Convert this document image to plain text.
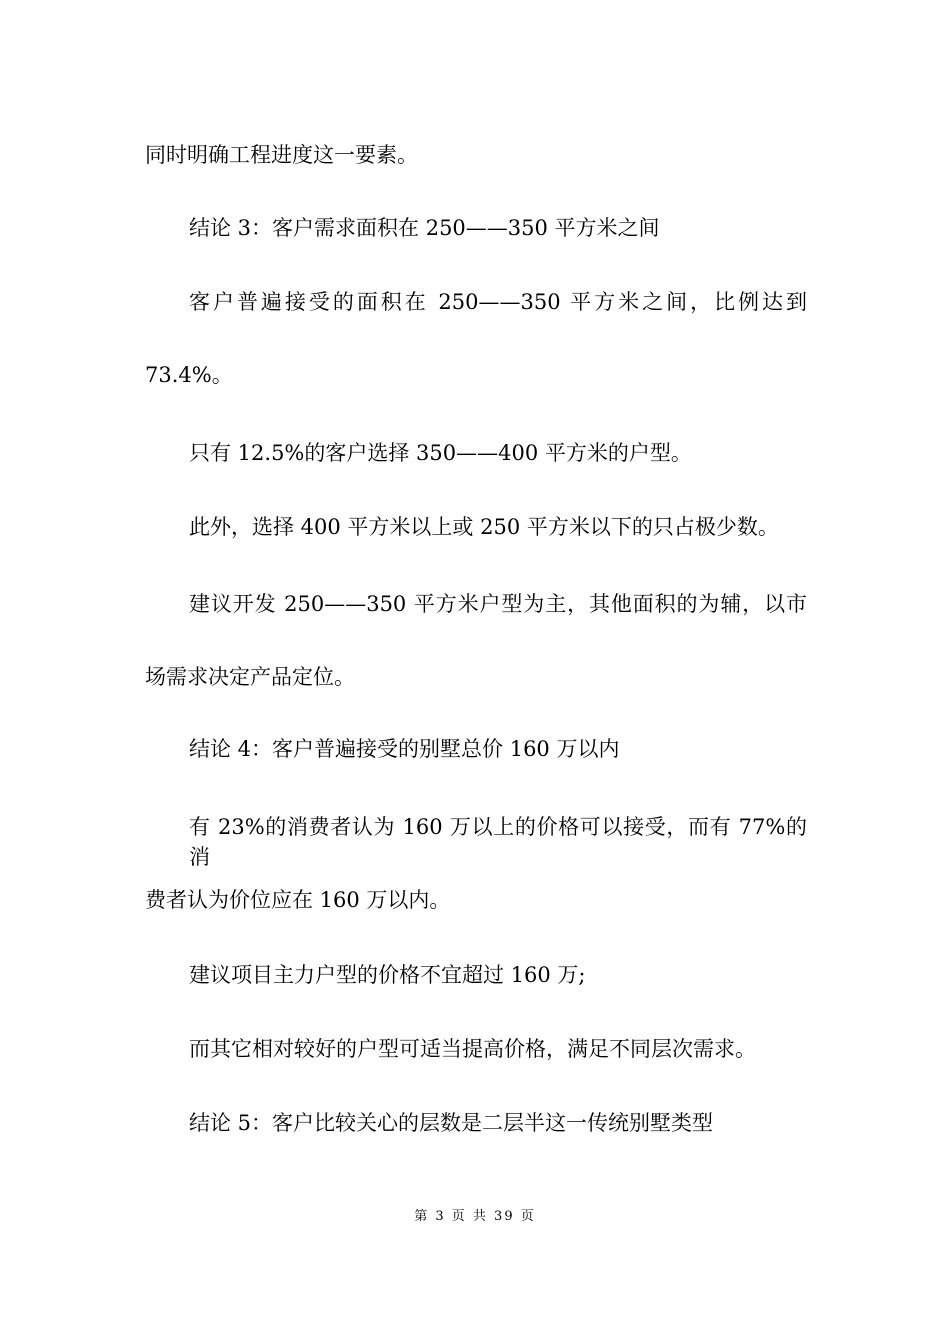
同时明确工程进度这一要素。
结论 3：客户需求面积在 250——350 平方米之间
客户普遍接受的面积在 250——350 平方米之间，比例达到
73.4%。
只有 12.5%的客户选择 350——400 平方米的户型。
此外，选择 400 平方米以上或 250 平方米以下的只占极少数。
建议开发 250——350 平方米户型为主，其他面积的为辅，以市
场需求决定产品定位。
结论 4：客户普遍接受的别墅总价 160 万以内
有 23%的消费者认为 160 万以上的价格可以接受，而有 77%的消
费者认为价位应在 160 万以内。
建议项目主力户型的价格不宜超过 160 万;
而其它相对较好的户型可适当提高价格，满足不同层次需求。
结论 5：客户比较关心的层数是二层半这一传统别墅类型
第 3 页 共 39 页
